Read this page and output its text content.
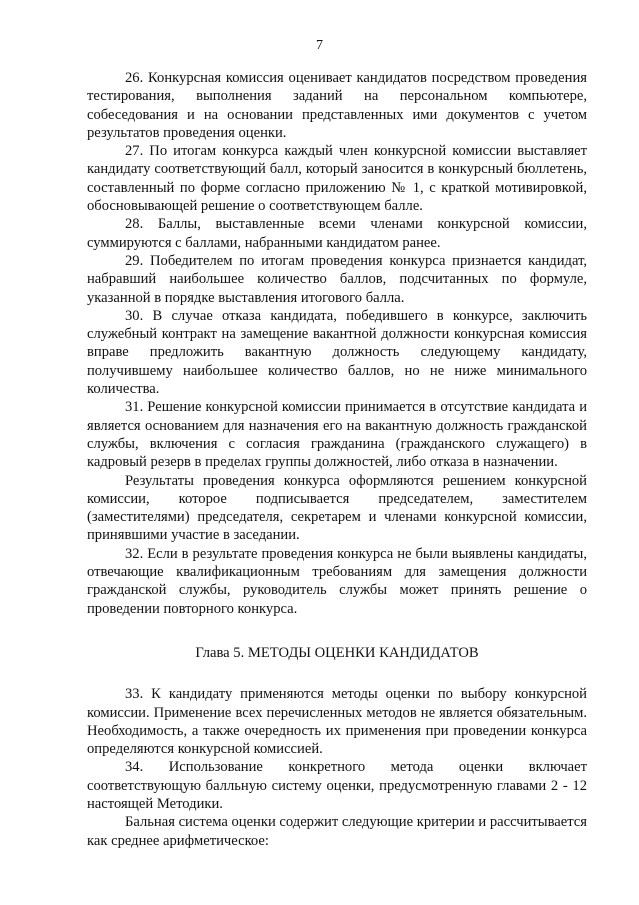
7

26. Конкурсная комиссия оценивает кандидатов посредством проведения тестирования, выполнения заданий на персональном компьютере, собеседования и на основании представленных ими документов с учетом результатов проведения оценки.

27. По итогам конкурса каждый член конкурсной комиссии выставляет кандидату соответствующий балл, который заносится в конкурсный бюллетень, составленный по форме согласно приложению № 1, с краткой мотивировкой, обосновывающей решение о соответствующем балле.

28. Баллы, выставленные всеми членами конкурсной комиссии, суммируются с баллами, набранными кандидатом ранее.

29. Победителем по итогам проведения конкурса признается кандидат, набравший наибольшее количество баллов, подсчитанных по формуле, указанной в порядке выставления итогового балла.

30. В случае отказа кандидата, победившего в конкурсе, заключить служебный контракт на замещение вакантной должности конкурсная комиссия вправе предложить вакантную должность следующему кандидату, получившему наибольшее количество баллов, но не ниже минимального количества.

31. Решение конкурсной комиссии принимается в отсутствие кандидата и является основанием для назначения его на вакантную должность гражданской службы, включения с согласия гражданина (гражданского служащего) в кадровый резерв в пределах группы должностей, либо отказа в назначении.

Результаты проведения конкурса оформляются решением конкурсной комиссии, которое подписывается председателем, заместителем (заместителями) председателя, секретарем и членами конкурсной комиссии, принявшими участие в заседании.

32. Если в результате проведения конкурса не были выявлены кандидаты, отвечающие квалификационным требованиям для замещения должности гражданской службы, руководитель службы может принять решение о проведении повторного конкурса.

Глава 5. МЕТОДЫ ОЦЕНКИ КАНДИДАТОВ

33. К кандидату применяются методы оценки по выбору конкурсной комиссии. Применение всех перечисленных методов не является обязательным. Необходимость, а также очередность их применения при проведении конкурса определяются конкурсной комиссией.

34. Использование конкретного метода оценки включает соответствующую балльную систему оценки, предусмотренную главами 2 - 12 настоящей Методики.

Бальная система оценки содержит следующие критерии и рассчитывается как среднее арифметическое:
